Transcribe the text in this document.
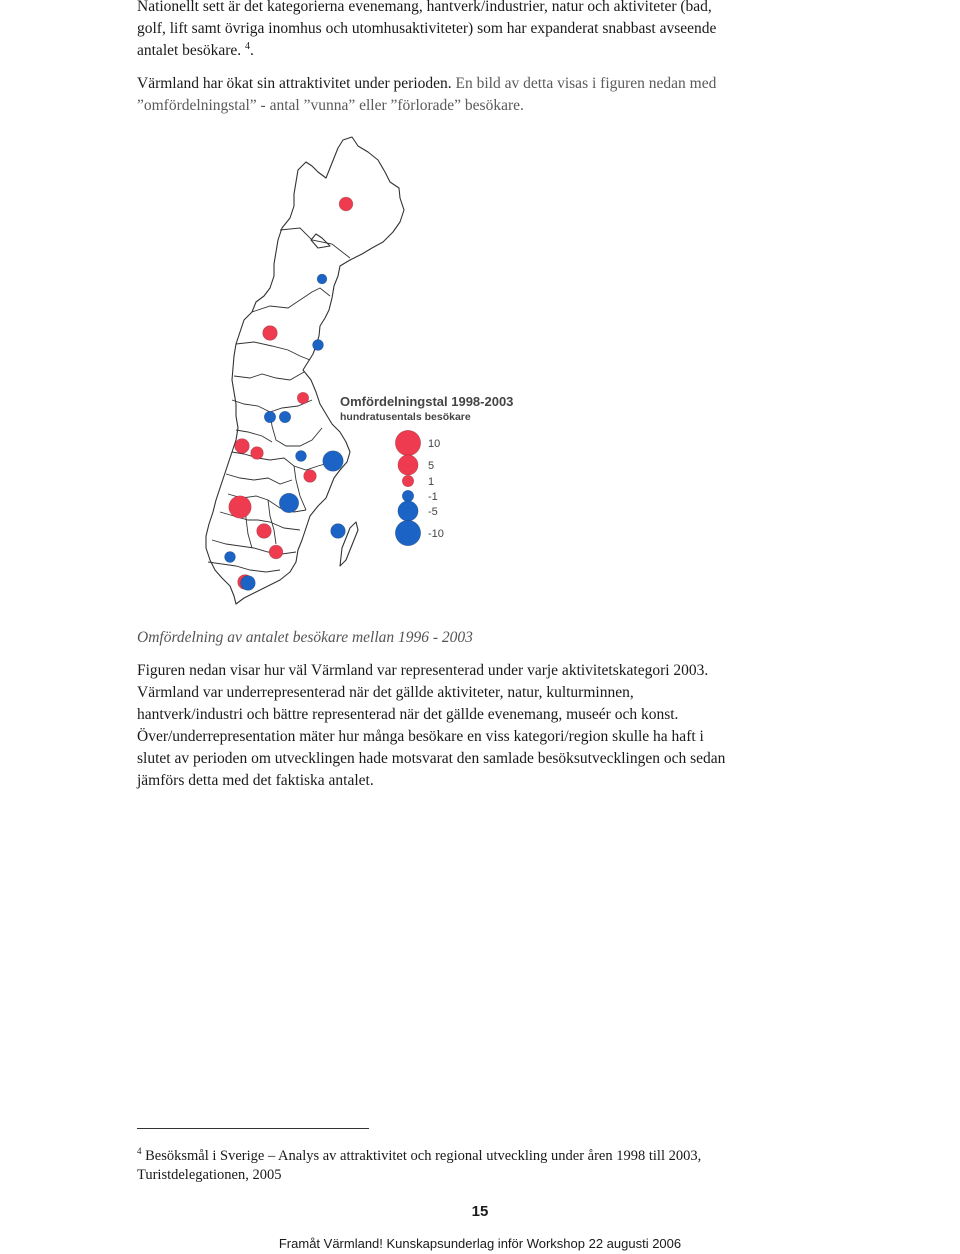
Nationellt sett är det kategorierna evenemang, hantverk/industrier, natur och aktiviteter (bad,
golf, lift samt övriga inomhus och utomhusaktiviteter) som har expanderat snabbast avseende
antalet besökare. $^4$.

Värmland har ökat sin attraktivitet under perioden. En bild av detta visas i figuren nedan med
”omfördelningstal” - antal ”vunna” eller ”förlorade” besökare.

Omfördelningstal 1998-2003
hundratusentals besökare
10
5
1
-1
-5
-10

Omfördelning av antalet besökare mellan 1996 - 2003

Figuren nedan visar hur väl Värmland var representerad under varje aktivitetskategori 2003.
Värmland var underrepresenterad när det gällde aktiviteter, natur, kulturminnen,
hantverk/industri och bättre representerad när det gällde evenemang, museér och konst.
Över/underrepresentation mäter hur många besökare en viss kategori/region skulle ha haft i
slutet av perioden om utvecklingen hade motsvarat den samlade besöksutvecklingen och sedan
jämförs detta med det faktiska antalet.

$^4$ Besöksmål i Sverige – Analys av attraktivitet och regional utveckling under åren 1998 till 2003,
Turistdelegationen, 2005

15
Framåt Värmland! Kunskapsunderlag inför Workshop 22 augusti 2006
